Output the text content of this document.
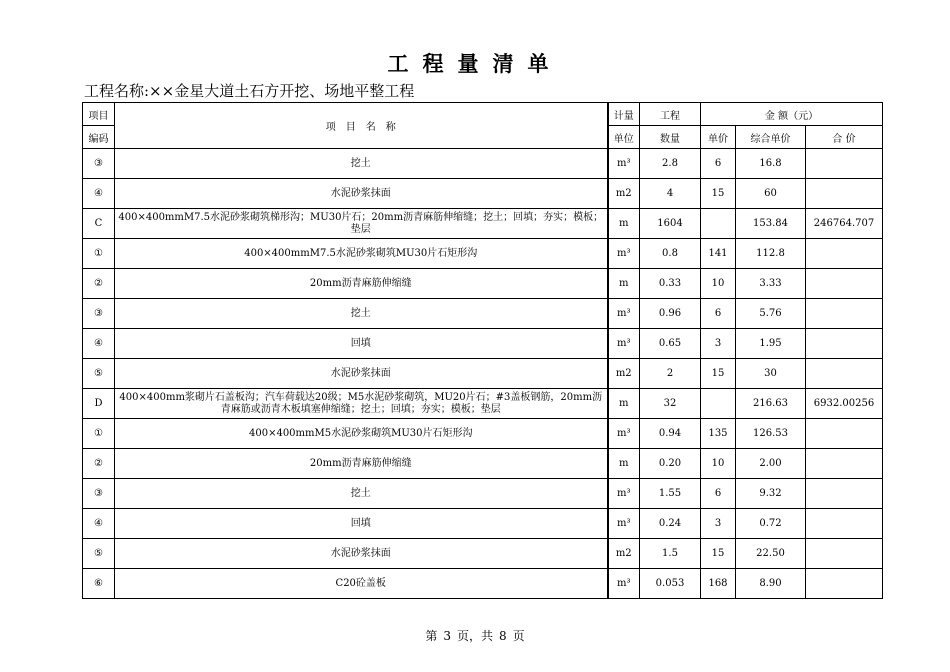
工程量清单
工程名称:××金星大道土石方开挖、场地平整工程
项目	项　目　名　称	计量	工程	金 额（元）		
编码		单位	数量	单价	综合单价	合 价
③	挖土	m³	2.8	6	16.8	
④	水泥砂浆抹面	m2	4	15	60	
C	400×400mmM7.5水泥砂浆砌筑梯形沟；MU30片石；20mm沥青麻筋伸缩缝；挖土；回填；夯实；模板；垫层	m	1604		153.84	246764.707
①	400×400mmM7.5水泥砂浆砌筑MU30片石矩形沟	m³	0.8	141	112.8	
②	20mm沥青麻筋伸缩缝	m	0.33	10	3.33	
③	挖土	m³	0.96	6	5.76	
④	回填	m³	0.65	3	1.95	
⑤	水泥砂浆抹面	m2	2	15	30	
D	400×400mm浆砌片石盖板沟；汽车荷载达20级；M5水泥砂浆砌筑，MU20片石；#3盖板钢筋，20mm沥青麻筋或沥青木板填塞伸缩缝；挖土；回填；夯实；模板；垫层	m	32		216.63	6932.00256
①	400×400mmM5水泥砂浆砌筑MU30片石矩形沟	m³	0.94	135	126.53	
②	20mm沥青麻筋伸缩缝	m	0.20	10	2.00	
③	挖土	m³	1.55	6	9.32	
④	回填	m³	0.24	3	0.72	
⑤	水泥砂浆抹面	m2	1.5	15	22.50	
⑥	C20砼盖板	m³	0.053	168	8.90	
第 3 页，共 8 页
